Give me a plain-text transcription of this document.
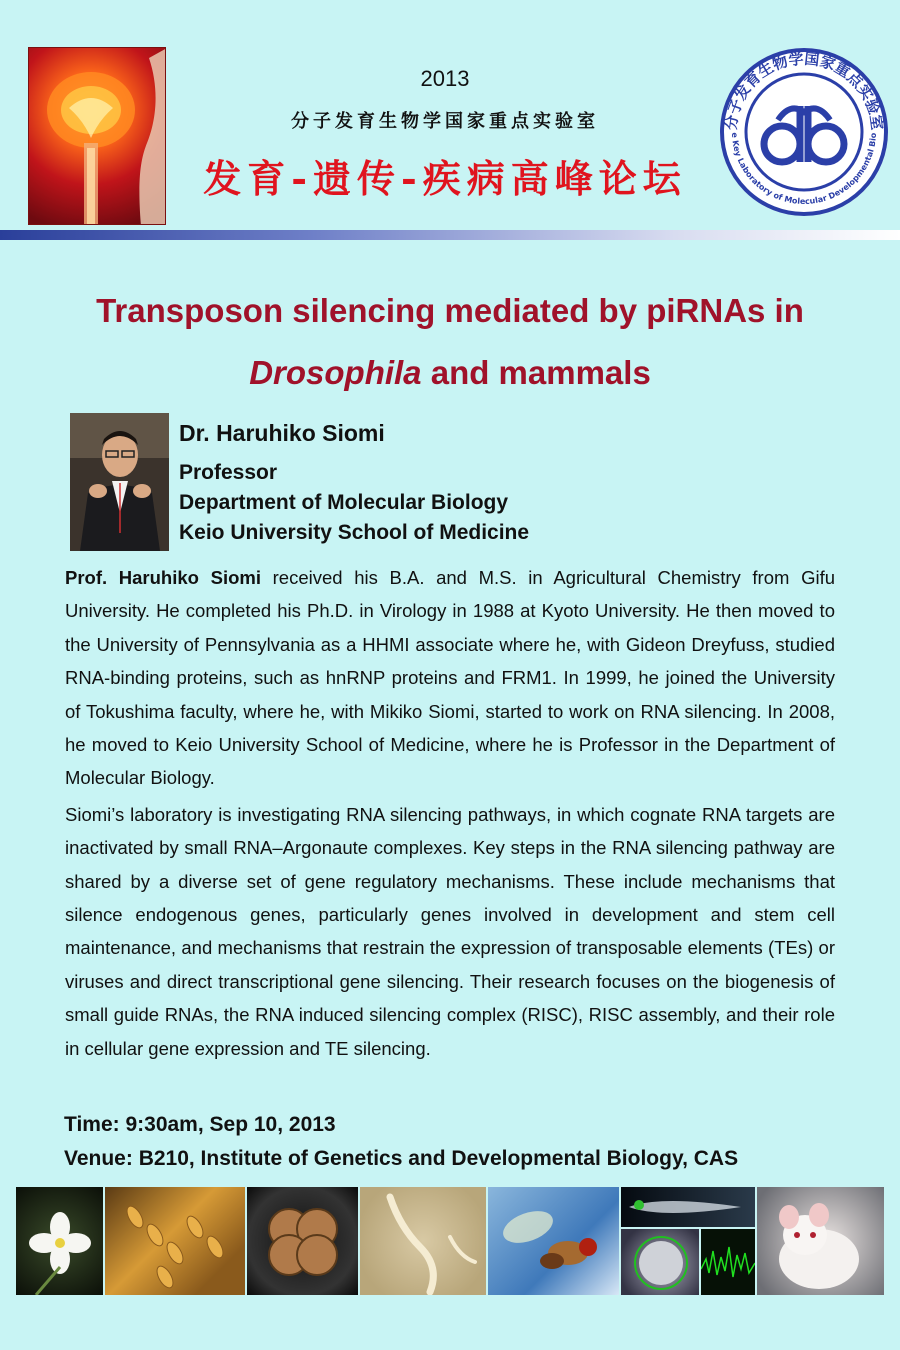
2013
分子发育生物学国家重点实验室
发育-遗传-疾病高峰论坛
分子发育生物学国家重点实验室
e Key Laboratory of Molecular Developmental Bio
Transposon silencing mediated by piRNAs in
Drosophila and mammals
Dr. Haruhiko Siomi
Professor
Department of Molecular Biology
Keio University School of Medicine

Prof. Haruhiko Siomi received his B.A. and M.S. in Agricultural Chemistry from Gifu University. He completed his Ph.D. in Virology in 1988 at Kyoto University. He then moved to the University of Pennsylvania as a HHMI associate where he, with Gideon Dreyfuss, studied RNA-binding proteins, such as hnRNP proteins and FRM1. In 1999, he joined the University of Tokushima faculty, where he, with Mikiko Siomi, started to work on RNA silencing. In 2008, he moved to Keio University School of Medicine, where he is Professor in the Department of Molecular Biology.

Siomi’s laboratory is investigating RNA silencing pathways, in which cognate RNA targets are inactivated by small RNA–Argonaute complexes. Key steps in the RNA silencing pathway are shared by a diverse set of gene regulatory mechanisms. These include mechanisms that silence endogenous genes, particularly genes involved in development and stem cell maintenance, and mechanisms that restrain the expression of transposable elements (TEs) or viruses and direct transcriptional gene silencing. Their research focuses on the biogenesis of small guide RNAs, the RNA induced silencing complex (RISC), RISC assembly, and their role in cellular gene expression and TE silencing.

Time: 9:30am, Sep 10, 2013
Venue: B210, Institute of Genetics and Developmental Biology, CAS
